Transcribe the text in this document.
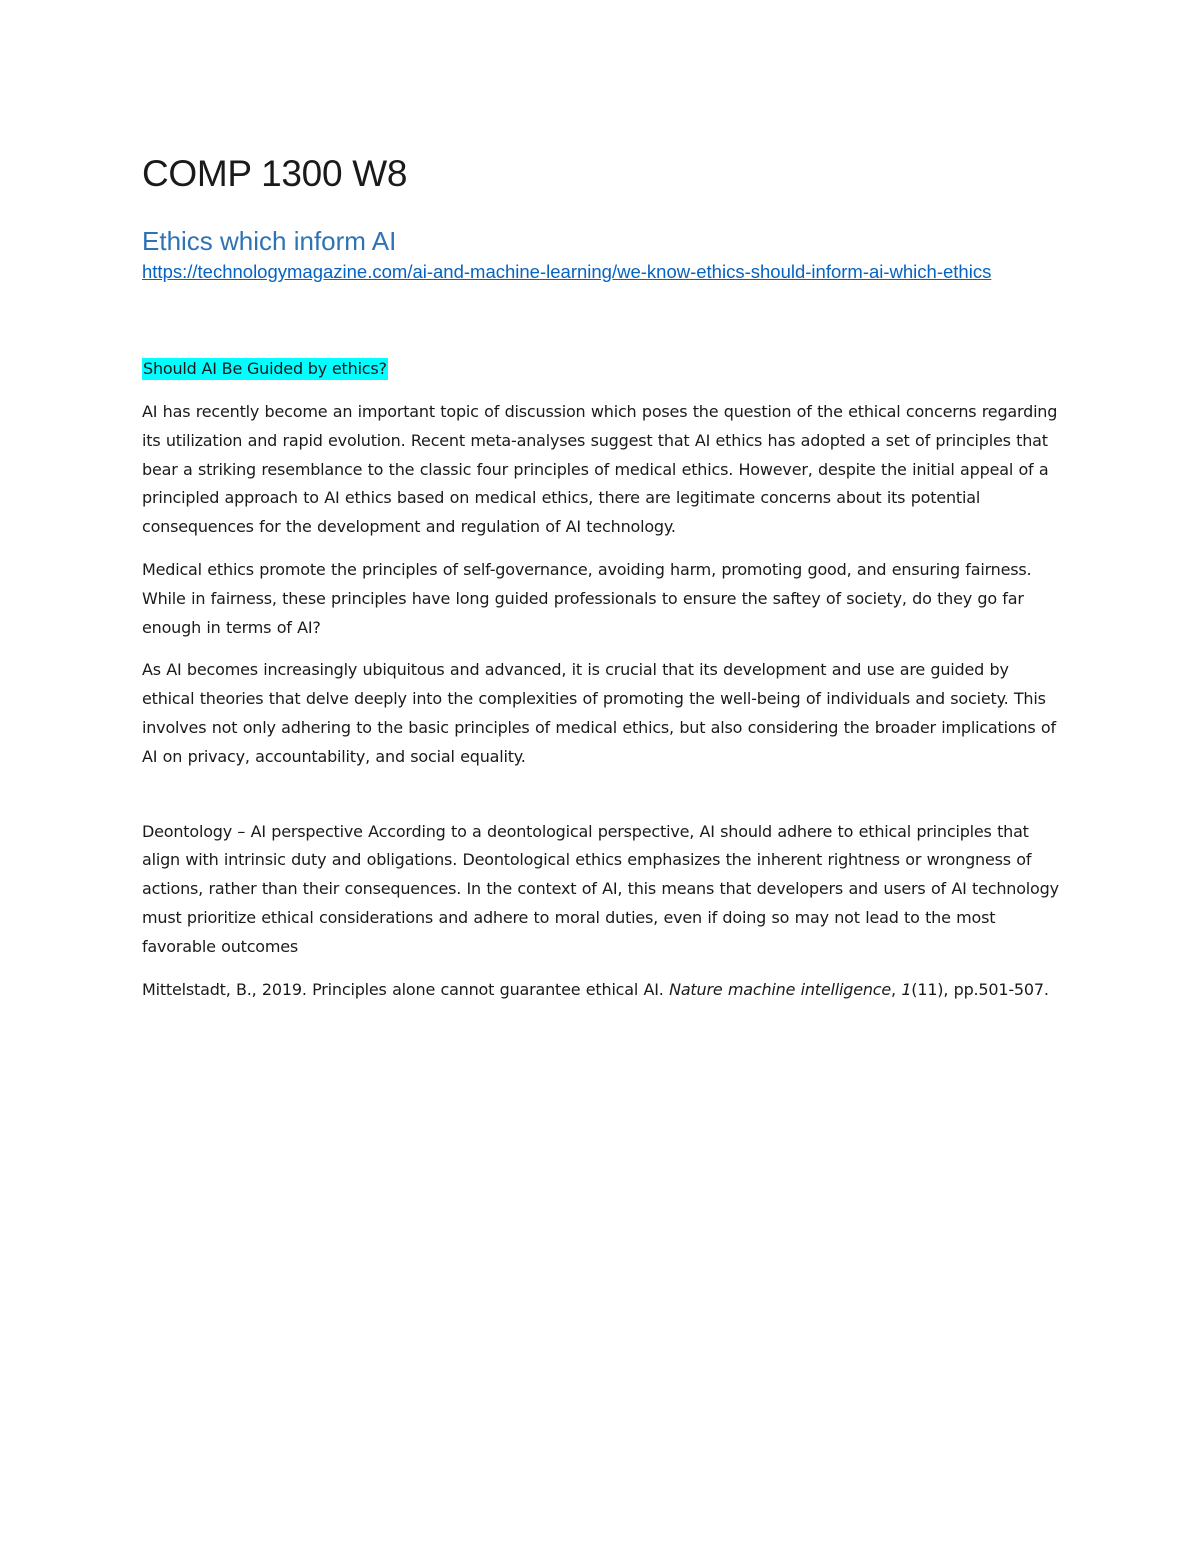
COMP 1300 W8
Ethics which inform AI
https://technologymagazine.com/ai-and-machine-learning/we-know-ethics-should-inform-ai-which-ethics
Should AI Be Guided by ethics?

AI has recently become an important topic of discussion which poses the question of the ethical concerns regarding its utilization and rapid evolution. Recent meta-analyses suggest that AI ethics has adopted a set of principles that bear a striking resemblance to the classic four principles of medical ethics. However, despite the initial appeal of a principled approach to AI ethics based on medical ethics, there are legitimate concerns about its potential consequences for the development and regulation of AI technology.

Medical ethics promote the principles of self-governance, avoiding harm, promoting good, and ensuring fairness. While in fairness, these principles have long guided professionals to ensure the saftey of society, do they go far enough in terms of AI?

As AI becomes increasingly ubiquitous and advanced, it is crucial that its development and use are guided by ethical theories that delve deeply into the complexities of promoting the well-being of individuals and society. This involves not only adhering to the basic principles of medical ethics, but also considering the broader implications of AI on privacy, accountability, and social equality.

Deontology – AI perspective According to a deontological perspective, AI should adhere to ethical principles that align with intrinsic duty and obligations. Deontological ethics emphasizes the inherent rightness or wrongness of actions, rather than their consequences. In the context of AI, this means that developers and users of AI technology must prioritize ethical considerations and adhere to moral duties, even if doing so may not lead to the most favorable outcomes

Mittelstadt, B., 2019. Principles alone cannot guarantee ethical AI. Nature machine intelligence, 1(11), pp.501-507.
